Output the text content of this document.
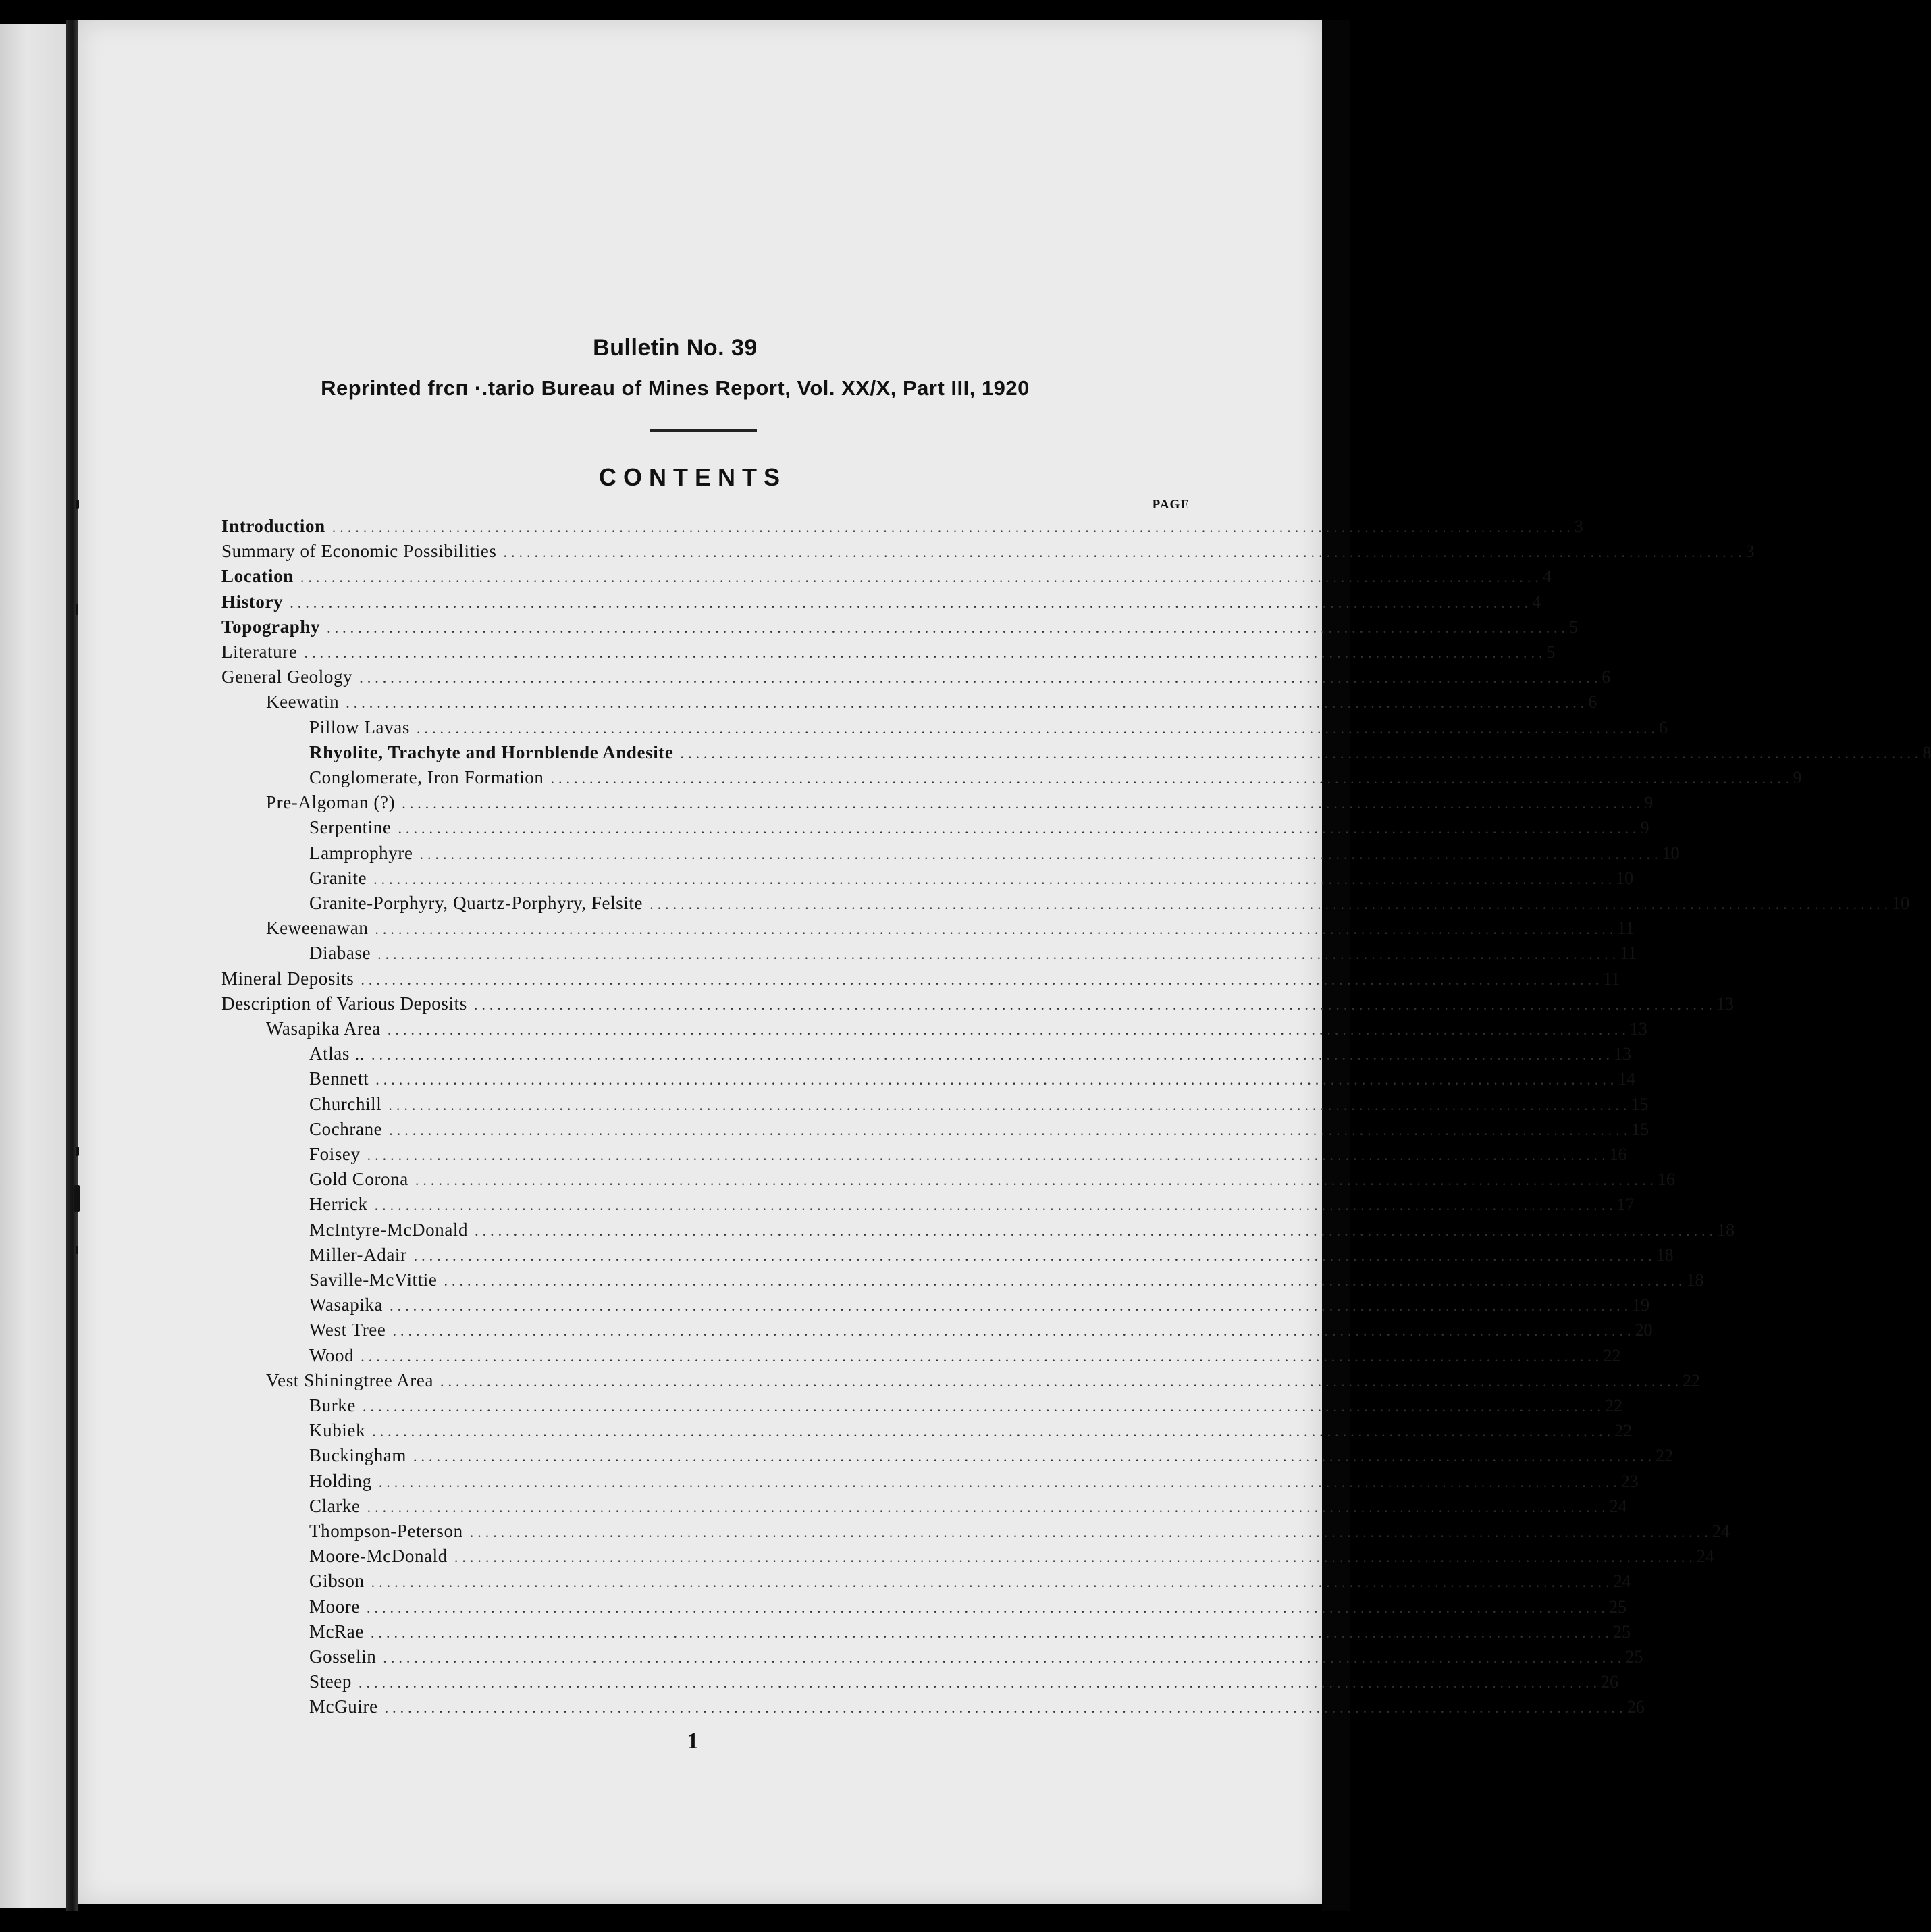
Bulletin No. 39
Reprinted frсп ·.tario Bureau of Mines Report, Vol. XX/X, Part III, 1920
CONTENTS
PAGE
Introduction ................................................................................................................................................................ 3
Summary of Economic Possibilities ................................................................................................................................................................ 3
Location ................................................................................................................................................................ 4
History ................................................................................................................................................................ 4
Topography ................................................................................................................................................................ 5
Literature ................................................................................................................................................................ 5
General Geology ................................................................................................................................................................ 6
Keewatin ................................................................................................................................................................ 6
Pillow Lavas ................................................................................................................................................................ 6
Rhyolite, Trachyte and Hornblende Andesite ................................................................................................................................................................ 8
Conglomerate, Iron Formation ................................................................................................................................................................ 9
Pre-Algoman (?) ................................................................................................................................................................ 9
Serpentine ................................................................................................................................................................ 9
Lamprophyre ................................................................................................................................................................ 10
Granite ................................................................................................................................................................ 10
Granite-Porphyry, Quartz-Porphyry, Felsite ................................................................................................................................................................ 10
Keweenawan ................................................................................................................................................................ 11
Diabase ................................................................................................................................................................ 11
Mineral Deposits ................................................................................................................................................................ 11
Description of Various Deposits ................................................................................................................................................................ 13
Wasapika Area ................................................................................................................................................................ 13
Atlas .. ................................................................................................................................................................ 13
Bennett ................................................................................................................................................................ 14
Churchill ................................................................................................................................................................ 15
Cochrane ................................................................................................................................................................ 15
Foisey ................................................................................................................................................................ 16
Gold Corona ................................................................................................................................................................ 16
Herrick ................................................................................................................................................................ 17
McIntyre-McDonald ................................................................................................................................................................ 18
Miller-Adair ................................................................................................................................................................ 18
Saville-McVittie ................................................................................................................................................................ 18
Wasapika ................................................................................................................................................................ 19
West Tree ................................................................................................................................................................ 20
Wood ................................................................................................................................................................ 22
Vest Shiningtree Area ................................................................................................................................................................ 22
Burke ................................................................................................................................................................ 22
Kubiek ................................................................................................................................................................ 22
Buckingham ................................................................................................................................................................ 22
Holding ................................................................................................................................................................ 23
Clarke ................................................................................................................................................................ 24
Thompson-Peterson ................................................................................................................................................................ 24
Moore-McDonald ................................................................................................................................................................ 24
Gibson ................................................................................................................................................................ 24
Moore ................................................................................................................................................................ 25
McRae ................................................................................................................................................................ 25
Gosselin ................................................................................................................................................................ 25
Steep ................................................................................................................................................................ 26
McGuire ................................................................................................................................................................ 26
1
